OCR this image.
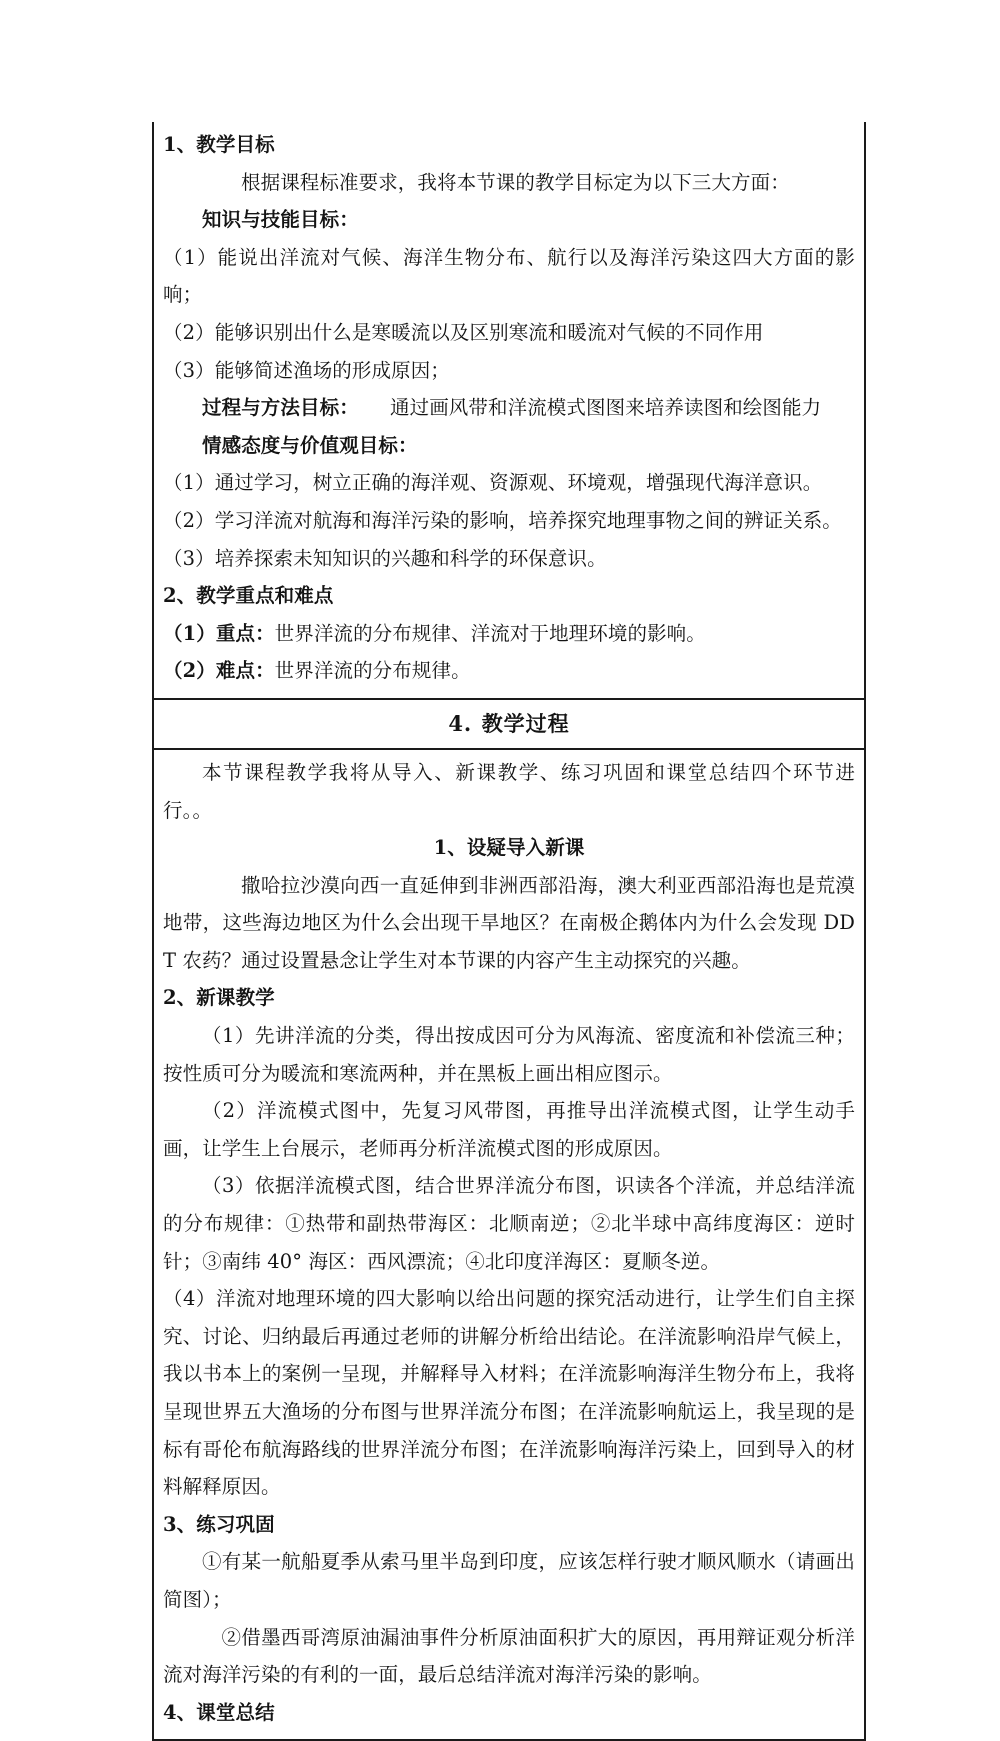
1、教学目标

根据课程标准要求，我将本节课的教学目标定为以下三大方面：

知识与技能目标：

（1）能说出洋流对气候、海洋生物分布、航行以及海洋污染这四大方面的影响；

（2）能够识别出什么是寒暖流以及区别寒流和暖流对气候的不同作用

（3）能够简述渔场的形成原因；

过程与方法目标： 通过画风带和洋流模式图图来培养读图和绘图能力

情感态度与价值观目标：

（1）通过学习，树立正确的海洋观、资源观、环境观，增强现代海洋意识。

（2）学习洋流对航海和海洋污染的影响，培养探究地理事物之间的辨证关系。

（3）培养探索未知知识的兴趣和科学的环保意识。

2、教学重点和难点

（1）重点：世界洋流的分布规律、洋流对于地理环境的影响。

（2）难点：世界洋流的分布规律。

4. 教学过程

本节课程教学我将从导入、新课教学、练习巩固和课堂总结四个环节进行。。

1、设疑导入新课

撒哈拉沙漠向西一直延伸到非洲西部沿海，澳大利亚西部沿海也是荒漠地带，这些海边地区为什么会出现干旱地区？在南极企鹅体内为什么会发现 DDT 农药？通过设置悬念让学生对本节课的内容产生主动探究的兴趣。

2、新课教学

（1）先讲洋流的分类，得出按成因可分为风海流、密度流和补偿流三种；按性质可分为暖流和寒流两种，并在黑板上画出相应图示。

（2）洋流模式图中，先复习风带图，再推导出洋流模式图，让学生动手画，让学生上台展示，老师再分析洋流模式图的形成原因。

（3）依据洋流模式图，结合世界洋流分布图，识读各个洋流，并总结洋流的分布规律：①热带和副热带海区：北顺南逆；②北半球中高纬度海区：逆时针；③南纬 40° 海区：西风漂流；④北印度洋海区：夏顺冬逆。

（4）洋流对地理环境的四大影响以给出问题的探究活动进行，让学生们自主探究、讨论、归纳最后再通过老师的讲解分析给出结论。在洋流影响沿岸气候上，我以书本上的案例一呈现，并解释导入材料；在洋流影响海洋生物分布上，我将呈现世界五大渔场的分布图与世界洋流分布图；在洋流影响航运上，我呈现的是标有哥伦布航海路线的世界洋流分布图；在洋流影响海洋污染上，回到导入的材料解释原因。

3、练习巩固

①有某一航船夏季从索马里半岛到印度，应该怎样行驶才顺风顺水（请画出简图）；

②借墨西哥湾原油漏油事件分析原油面积扩大的原因，再用辩证观分析洋流对海洋污染的有利的一面，最后总结洋流对海洋污染的影响。

4、课堂总结
